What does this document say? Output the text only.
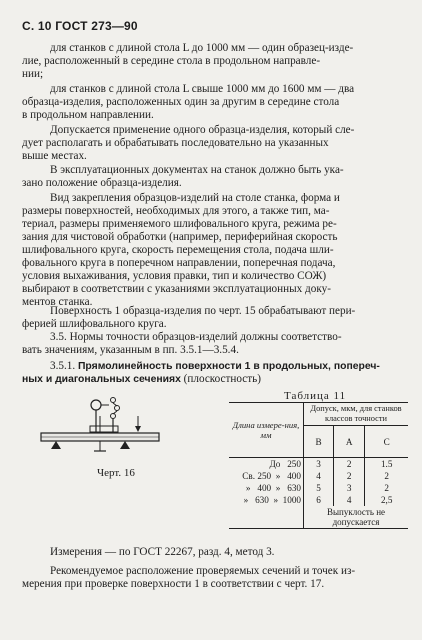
С. 10 ГОСТ 273—90
для станков с длиной стола L до 1000 мм — один образец-изде-
лие, расположенный в середине стола в продольном направле-
нии;
для станков с длиной стола L свыше 1000 мм до 1600 мм — два
образца-изделия, расположенных один за другим в середине стола
в продольном направлении.
Допускается применение одного образца-изделия, который сле-
дует располагать и обрабатывать последовательно на указанных
выше местах.
В эксплуатационных документах на станок должно быть ука-
зано положение образца-изделия.
Вид закрепления образцов-изделий на столе станка, форма и
размеры поверхностей, необходимых для этого, а также тип, ма-
териал, размеры применяемого шлифовального круга, режима ре-
зания для чистовой обработки (например, периферийная скорость
шлифовального круга, скорость перемещения стола, подача шли-
фовального круга в поперечном направлении, поперечная подача,
условия выхаживания, условия правки, тип и количество СОЖ)
выбирают в соответствии с указаниями эксплуатационных доку-
ментов станка.
Поверхность 1 образца-изделия по черт. 15 обрабатывают пери-
ферией шлифовального круга.
3.5. Нормы точности образцов-изделий должны соответство-
вать значениям, указанным в пп. 3.5.1—3.5.4.
3.5.1. Прямолинейность поверхности 1 в продольных, попереч-
ных и диагональных сечениях (плоскостность)
Черт. 16
Таблица 11
Длина измере-ния, мм	Допуск, мкм, для станков классов точности		
	В	А	С
До   250	3	2	1.5
Св. 250  »   400	4	2	2
»   400  »   630	5	3	2
»   630  »  1000	6	4	2,5
	Выпуклость не допускается		
Измерения — по ГОСТ 22267, разд. 4, метод 3.
Рекомендуемое расположение проверяемых сечений и точек из-
мерения при проверке поверхности 1 в соответствии с черт. 17.
